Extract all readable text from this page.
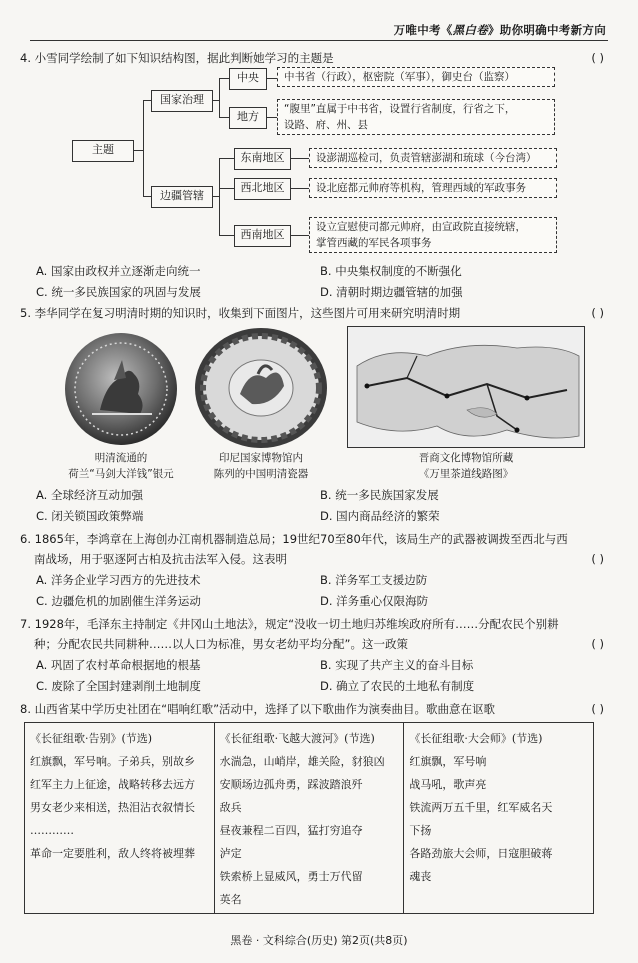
万唯中考《黑白卷》助你明确中考新方向
4. 小雪同学绘制了如下知识结构图，据此判断她学习的主题是	( )
主题
国家治理
中央
地方
中书省（行政），枢密院（军事），御史台（监察）
“腹里”直属于中书省，设置行省制度，行省之下，
设路、府、州、县
边疆管辖
东南地区
西北地区
西南地区
设澎湖巡检司，负责管辖澎湖和琉球（今台湾）
设北庭都元帅府等机构，管理西域的军政事务
设立宣慰使司都元帅府，由宣政院直接统辖，
掌管西藏的军民各项事务
A. 国家由政权并立逐渐走向统一	B. 中央集权制度的不断强化
C. 统一多民族国家的巩固与发展	D. 清朝时期边疆管辖的加强
5. 李华同学在复习明清时期的知识时，收集到下面图片，这些图片可用来研究明清时期	( )
明清流通的
荷兰“马剑大洋钱”银元
印尼国家博物馆内
陈列的中国明清瓷器
晋商文化博物馆所藏
《万里茶道线路图》
A. 全球经济互动加强	B. 统一多民族国家发展
C. 闭关锁国政策弊端	D. 国内商品经济的繁荣
6. 1865年，李鸿章在上海创办江南机器制造总局；19世纪70至80年代，该局生产的武器被调拨至西北与西
南战场，用于驱逐阿古柏及抗击法军入侵。这表明	( )
A. 洋务企业学习西方的先进技术	B. 洋务军工支援边防
C. 边疆危机的加剧催生洋务运动	D. 洋务重心仅限海防
7. 1928年，毛泽东主持制定《井冈山土地法》，规定“没收一切土地归苏维埃政府所有……分配农民个别耕
种；分配农民共同耕种……以人口为标准，男女老幼平均分配”。这一政策	( )
A. 巩固了农村革命根据地的根基	B. 实现了共产主义的奋斗目标
C. 废除了全国封建剥削土地制度	D. 确立了农民的土地私有制度
8. 山西省某中学历史社团在“唱响红歌”活动中，选择了以下歌曲作为演奏曲目。歌曲意在讴歌	( )
《长征组歌·告别》(节选)
红旗飘，军号响。子弟兵，别故乡
红军主力上征途，战略转移去远方
男女老少来相送，热泪沾衣叙情长
…………
革命一定要胜利，敌人终将被埋葬
《长征组歌·飞越大渡河》(节选)
水湍急，山峭岸，雄关险，豺狼凶
安顺场边孤舟勇，踩波踏浪歼
敌兵
昼夜兼程二百四，猛打穷追夺
泸定
铁索桥上显威风，勇士万代留
英名
《长征组歌·大会师》(节选)
红旗飘，军号响
战马吼，歌声亮
铁流两万五千里，红军威名天
下扬
各路劲旅大会师，日寇胆破蒋
魂丧
黑卷 · 文科综合(历史) 第2页(共8页)
